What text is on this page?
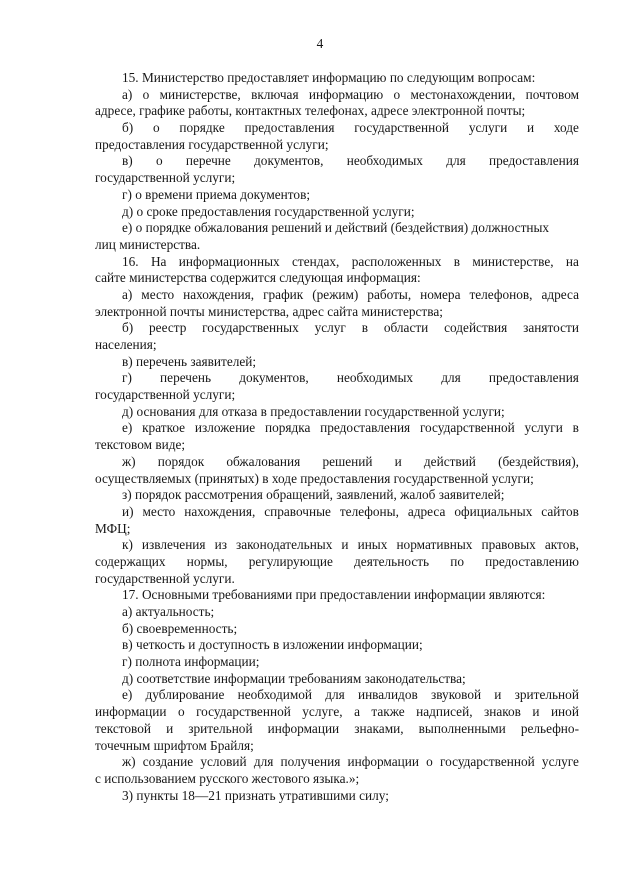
4
15. Министерство предоставляет информацию по следующим вопросам:
а) о министерстве, включая информацию о местонахождении, почтовом
адресе, графике работы, контактных телефонах, адресе электронной почты;
б) о порядке предоставления государственной услуги и ходе
предоставления государственной услуги;
в) о перечне документов, необходимых для предоставления
государственной услуги;
г) о времени приема документов;
д) о сроке предоставления государственной услуги;
е) о порядке обжалования решений и действий (бездействия) должностных
лиц министерства.
16. На информационных стендах, расположенных в министерстве, на
сайте министерства содержится следующая информация:
а) место нахождения, график (режим) работы, номера телефонов, адреса
электронной почты министерства, адрес сайта министерства;
б) реестр государственных услуг в области содействия занятости
населения;
в) перечень заявителей;
г) перечень документов, необходимых для предоставления
государственной услуги;
д) основания для отказа в предоставлении государственной услуги;
е) краткое изложение порядка предоставления государственной услуги в
текстовом виде;
ж) порядок обжалования решений и действий (бездействия),
осуществляемых (принятых) в ходе предоставления государственной услуги;
з) порядок рассмотрения обращений, заявлений, жалоб заявителей;
и) место нахождения, справочные телефоны, адреса официальных сайтов
МФЦ;
к) извлечения из законодательных и иных нормативных правовых актов,
содержащих нормы, регулирующие деятельность по предоставлению
государственной услуги.
17. Основными требованиями при предоставлении информации являются:
а) актуальность;
б) своевременность;
в) четкость и доступность в изложении информации;
г) полнота информации;
д) соответствие информации требованиям законодательства;
е) дублирование необходимой для инвалидов звуковой и зрительной
информации о государственной услуге, а также надписей, знаков и иной
текстовой и зрительной информации знаками, выполненными рельефно-
точечным шрифтом Брайля;
ж) создание условий для получения информации о государственной услуге
с использованием русского жестового языка.»;
3) пункты 18—21 признать утратившими силу;
